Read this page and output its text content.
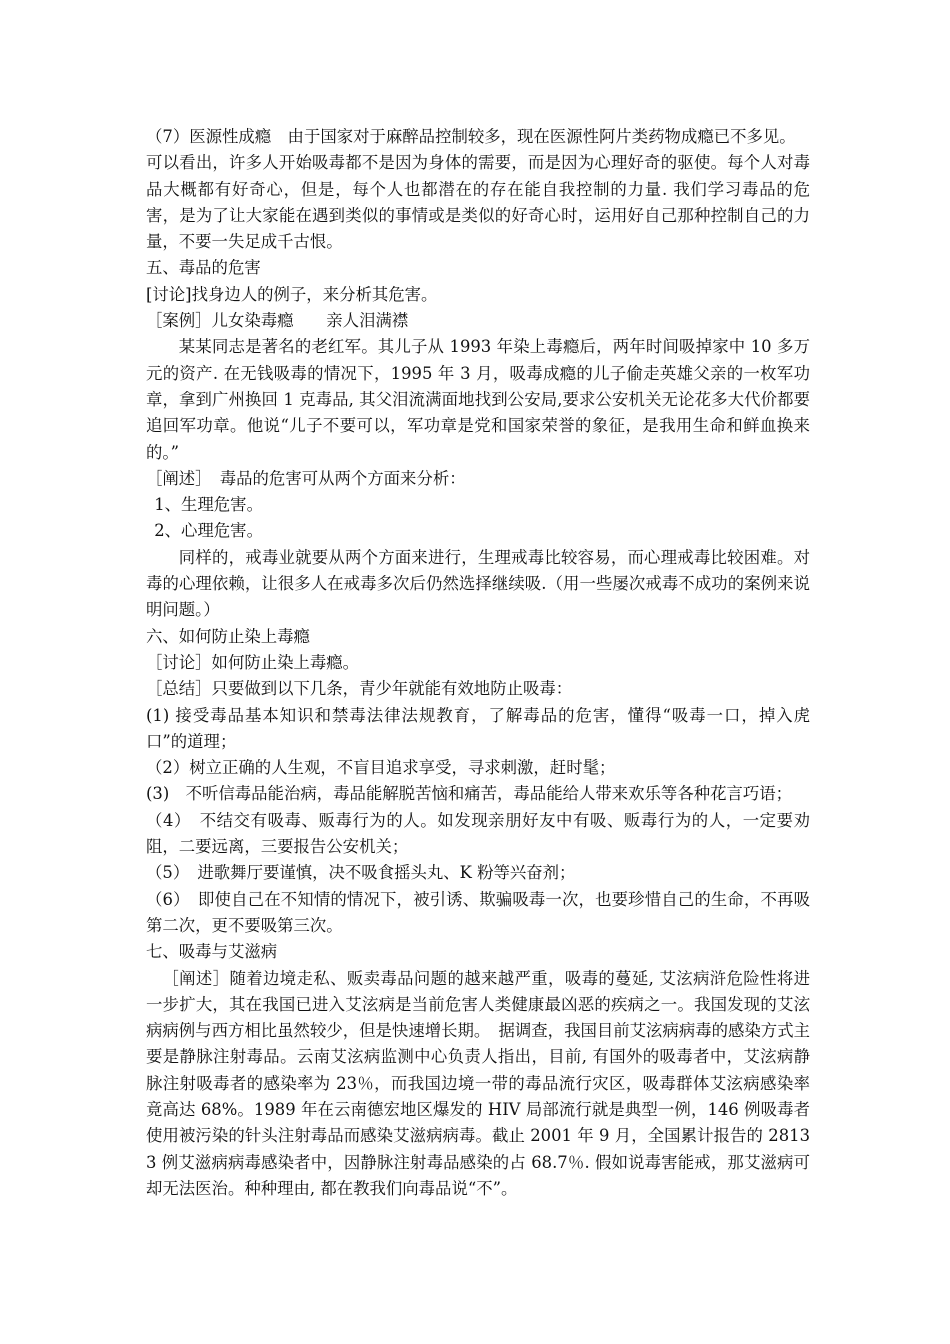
（7）医源性成瘾　由于国家对于麻醉品控制较多，现在医源性阿片类药物成瘾已不多见。

可以看出，许多人开始吸毒都不是因为身体的需要，而是因为心理好奇的驱使。每个人对毒品大概都有好奇心，但是，每个人也都潜在的存在能自我控制的力量. 我们学习毒品的危害，是为了让大家能在遇到类似的事情或是类似的好奇心时，运用好自己那种控制自己的力量，不要一失足成千古恨。

五、毒品的危害

[讨论]找身边人的例子，来分析其危害。

［案例］儿女染毒瘾　　亲人泪满襟

某某同志是著名的老红军。其儿子从 1993 年染上毒瘾后，两年时间吸掉家中 10 多万元的资产. 在无钱吸毒的情况下，1995 年 3 月，吸毒成瘾的儿子偷走英雄父亲的一枚军功章，拿到广州换回 1 克毒品, 其父泪流满面地找到公安局,要求公安机关无论花多大代价都要追回军功章。他说“儿子不要可以，军功章是党和国家荣誉的象征，是我用生命和鲜血换来的。”

［阐述］　毒品的危害可从两个方面来分析：

1、生理危害。

2、心理危害。

同样的，戒毒业就要从两个方面来进行，生理戒毒比较容易，而心理戒毒比较困难。对毒的心理依赖，让很多人在戒毒多次后仍然选择继续吸.（用一些屡次戒毒不成功的案例来说明问题。）

六、如何防止染上毒瘾

［讨论］如何防止染上毒瘾。

［总结］只要做到以下几条，青少年就能有效地防止吸毒：

(1) 接受毒品基本知识和禁毒法律法规教育，了解毒品的危害，懂得“吸毒一口，掉入虎口”的道理；

（2）树立正确的人生观，不盲目追求享受，寻求刺激，赶时髦；

(3)　不听信毒品能治病，毒品能解脱苦恼和痛苦，毒品能给人带来欢乐等各种花言巧语；

（4）　不结交有吸毒、贩毒行为的人。如发现亲朋好友中有吸、贩毒行为的人，一定要劝阻，二要远离，三要报告公安机关；

（5）　进歌舞厅要谨慎，决不吸食摇头丸、K 粉等兴奋剂；

（6）　即使自己在不知情的情况下，被引诱、欺骗吸毒一次，也要珍惜自己的生命，不再吸第二次，更不要吸第三次。

七、吸毒与艾滋病

［阐述］随着边境走私、贩卖毒品问题的越来越严重，吸毒的蔓延, 艾泫病浒危险性将进一步扩大，其在我国已进入艾泫病是当前危害人类健康最凶恶的疾病之一。我国发现的艾泫病病例与西方相比虽然较少，但是快速增长期。　据调查，我国目前艾泫病病毒的感染方式主要是静脉注射毒品。云南艾泫病监测中心负责人指出，目前, 有国外的吸毒者中，艾泫病静脉注射吸毒者的感染率为 23％，而我国边境一带的毒品流行灾区，吸毒群体艾泫病感染率竟高达 68%。1989 年在云南德宏地区爆发的 HIV 局部流行就是典型一例，146 例吸毒者使用被污染的针头注射毒品而感染艾滋病病毒。截止 2001 年 9 月，全国累计报告的 28133 例艾滋病病毒感染者中，因静脉注射毒品感染的占 68.7％. 假如说毒害能戒，那艾滋病可却无法医治。种种理由, 都在教我们向毒品说“不”。
